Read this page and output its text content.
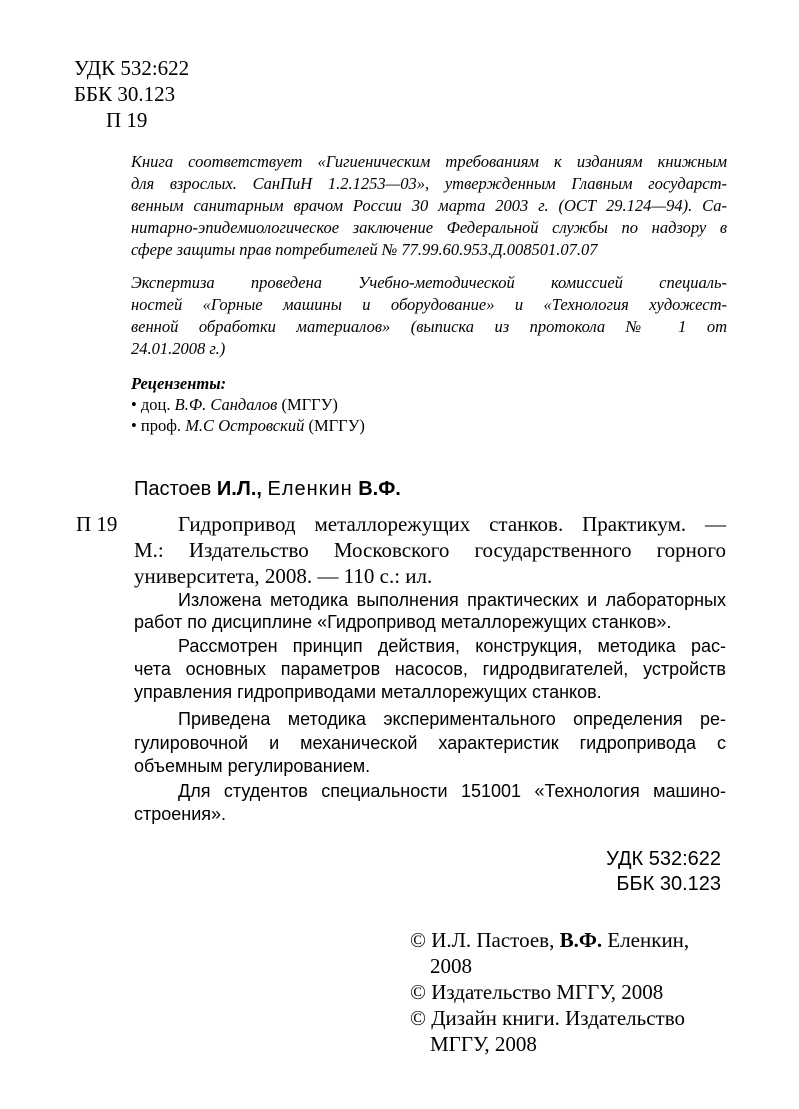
УДК 532:622
ББК 30.123
П 19
Книга соответствует «Гигиеническим требованиям к изданиям книжным
для взрослых. СанПиН 1.2.1253—03», утвержденным Главным государст-
венным санитарным врачом России 30 марта 2003 г. (ОСТ 29.124—94). Са-
нитарно-эпидемиологическое заключение Федеральной службы по надзору в
сфере защиты прав потребителей № 77.99.60.953.Д.008501.07.07
Экспертиза проведена Учебно-методической комиссией специаль-
ностей «Горные машины и оборудование» и «Технология художест-
венной обработки материалов» (выписка из протокола № 1 от
24.01.2008 г.)
Рецензенты:
• доц. В.Ф. Сандалов (МГГУ)
• проф. М.С Островский (МГГУ)
Пастоев И.Л., Еленкин В.Ф.
П 19	Гидропривод металлорежущих станков. Практикум. —
М.: Издательство Московского государственного горного
университета, 2008. — 110 с.: ил.
Изложена методика выполнения практических и лабораторных
работ по дисциплине «Гидропривод металлорежущих станков».
Рассмотрен принцип действия, конструкция, методика рас-
чета основных параметров насосов, гидродвигателей, устройств
управления гидроприводами металлорежущих станков.
Приведена методика экспериментального определения ре-
гулировочной и механической характеристик гидропривода с
объемным регулированием.
Для студентов специальности 151001 «Технология машино-
строения».
УДК 532:622
ББК 30.123
© И.Л. Пастоев, В.Ф. Еленкин,
2008
© Издательство МГГУ, 2008
© Дизайн книги. Издательство
МГГУ, 2008
